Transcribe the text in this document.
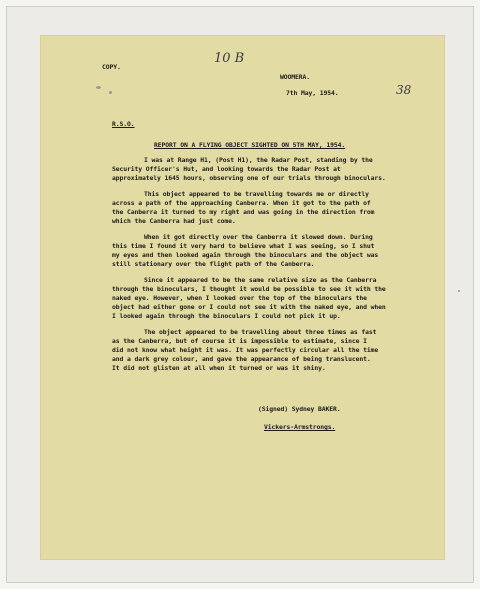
COPY.
10 B
WOOMERA.
7th May, 1954.	38
R.S.O.
REPORT ON A FLYING OBJECT SIGHTED ON 5TH MAY, 1954.
I was at Range H1, (Post H1), the Radar Post, standing by the
Security Officer's Hut, and looking towards the Radar Post at
approximately 1645 hours, observing one of our trials through binoculars.
This object appeared to be travelling towards me or directly
across a path of the approaching Canberra. When it got to the path of
the Canberra it turned to my right and was going in the direction from
which the Canberra had just come.
When it got directly over the Canberra it slowed down. During
this time I found it very hard to believe what I was seeing, so I shut
my eyes and then looked again through the binoculars and the object was
still stationary over the flight path of the Canberra.
Since it appeared to be the same relative size as the Canberra
through the binoculars, I thought it would be possible to see it with the
naked eye. However, when I looked over the top of the binoculars the
object had either gone or I could not see it with the naked eye, and when
I looked again through the binoculars I could not pick it up.
The object appeared to be travelling about three times as fast
as the Canberra, but of course it is impossible to estimate, since I
did not know what height it was. It was perfectly circular all the time
and a dark grey colour, and gave the appearance of being translucent.
It did not glisten at all when it turned or was it shiny.
(Signed) Sydney BAKER.
Vickers-Armstrongs.
